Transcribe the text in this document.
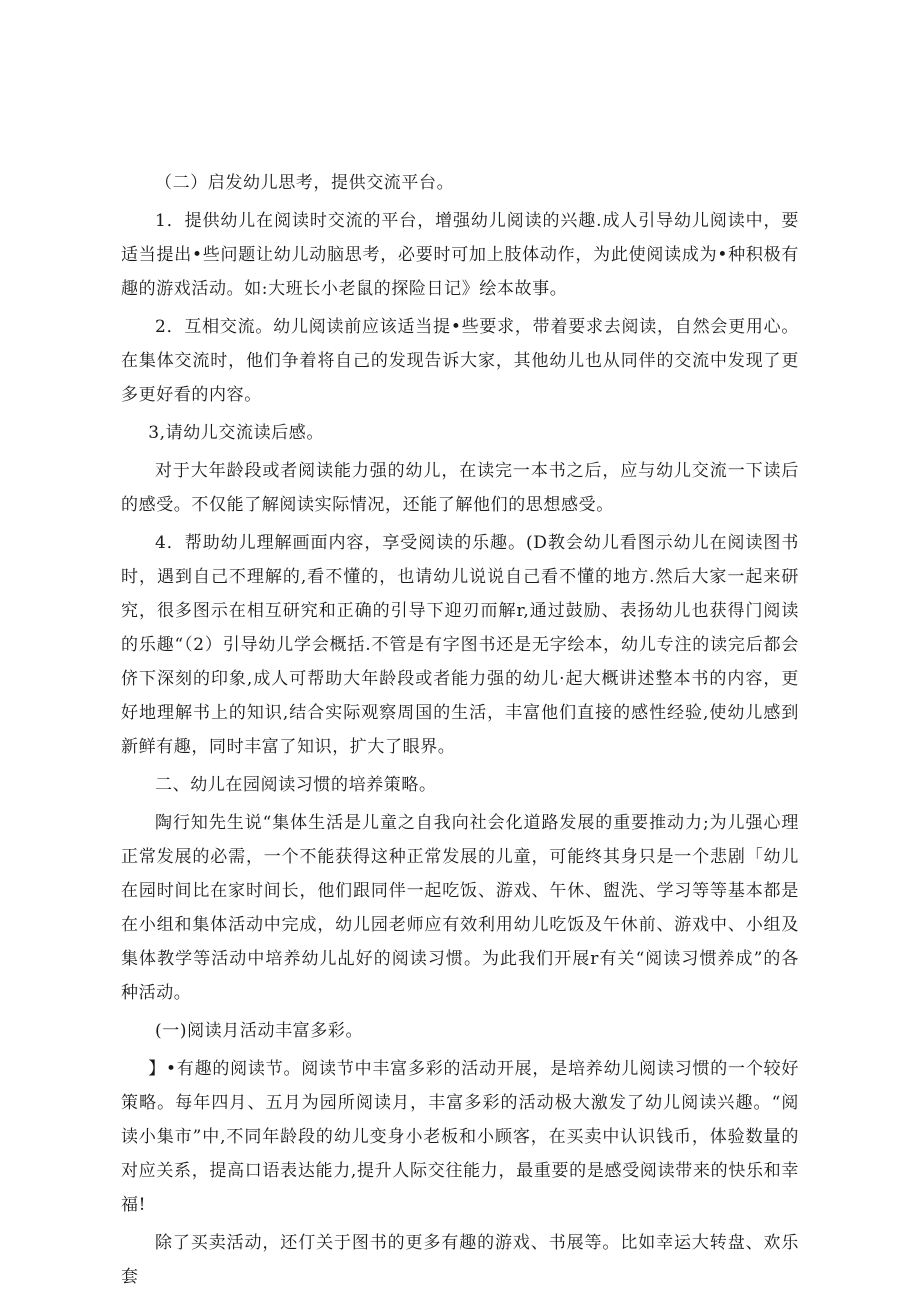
（二）启发幼儿思考，提供交流平台。

1．提供幼儿在阅读时交流的平台，增强幼儿阅读的兴趣.成人引导幼儿阅读中，要适当提出•些问题让幼儿动脑思考，必要时可加上肢体动作，为此使阅读成为•种积极有趣的游戏活动。如:大班长小老鼠的探险日记》绘本故事。

2．互相交流。幼儿阅读前应该适当提•些要求，带着要求去阅读，自然会更用心。在集体交流时，他们争着将自己的发现告诉大家，其他幼儿也从同伴的交流中发现了更多更好看的内容。

3,请幼儿交流读后感。

对于大年龄段或者阅读能力强的幼儿，在读完一本书之后，应与幼儿交流一下读后的感受。不仅能了解阅读实际情况，还能了解他们的思想感受。

4．帮助幼儿理解画面内容，享受阅读的乐趣。(D教会幼儿看图示幼儿在阅读图书时，遇到自己不理解的,看不懂的，也请幼儿说说自己看不懂的地方.然后大家一起来研究，很多图示在相互研究和正确的引导下迎刃而解r,通过鼓励、表扬幼儿也获得门阅读的乐趣“（2）引导幼儿学会概括.不管是有字图书还是无字绘本，幼儿专注的读完后都会侪下深刻的印象,成人可帮助大年龄段或者能力强的幼儿·起大概讲述整本书的内容，更好地理解书上的知识,结合实际观察周国的生活，丰富他们直接的感性经验,使幼儿感到新鲜有趣，同时丰富了知识，扩大了眼界。

二、幼儿在园阅读习惯的培养策略。

陶行知先生说“集体生活是儿童之自我向社会化道路发展的重要推动力;为儿强心理正常发展的必需，一个不能获得这种正常发展的儿童，可能终其身只是一个悲剧「幼儿在园时间比在家时间长，他们跟同伴一起吃饭、游戏、午休、盥洗、学习等等基本都是在小组和集体活动中完成，幼儿园老师应有效利用幼儿吃饭及午休前、游戏中、小组及集体教学等活动中培养幼儿乩好的阅读习惯。为此我们开展r有关“阅读习惯养成”的各种活动。

(一)阅读月活动丰富多彩。

】•有趣的阅读节。阅读节中丰富多彩的活动开展，是培养幼儿阅读习惯的一个较好策略。每年四月、五月为园所阅读月，丰富多彩的活动极大激发了幼儿阅读兴趣。“阅读小集市”中,不同年龄段的幼儿变身小老板和小顾客，在买卖中认识钱币，体验数量的对应关系，提高口语表达能力,提升人际交往能力，最重要的是感受阅读带来的快乐和幸福!

除了买卖活动，还仃关于图书的更多有趣的游戏、书展等。比如幸运大转盘、欢乐套
